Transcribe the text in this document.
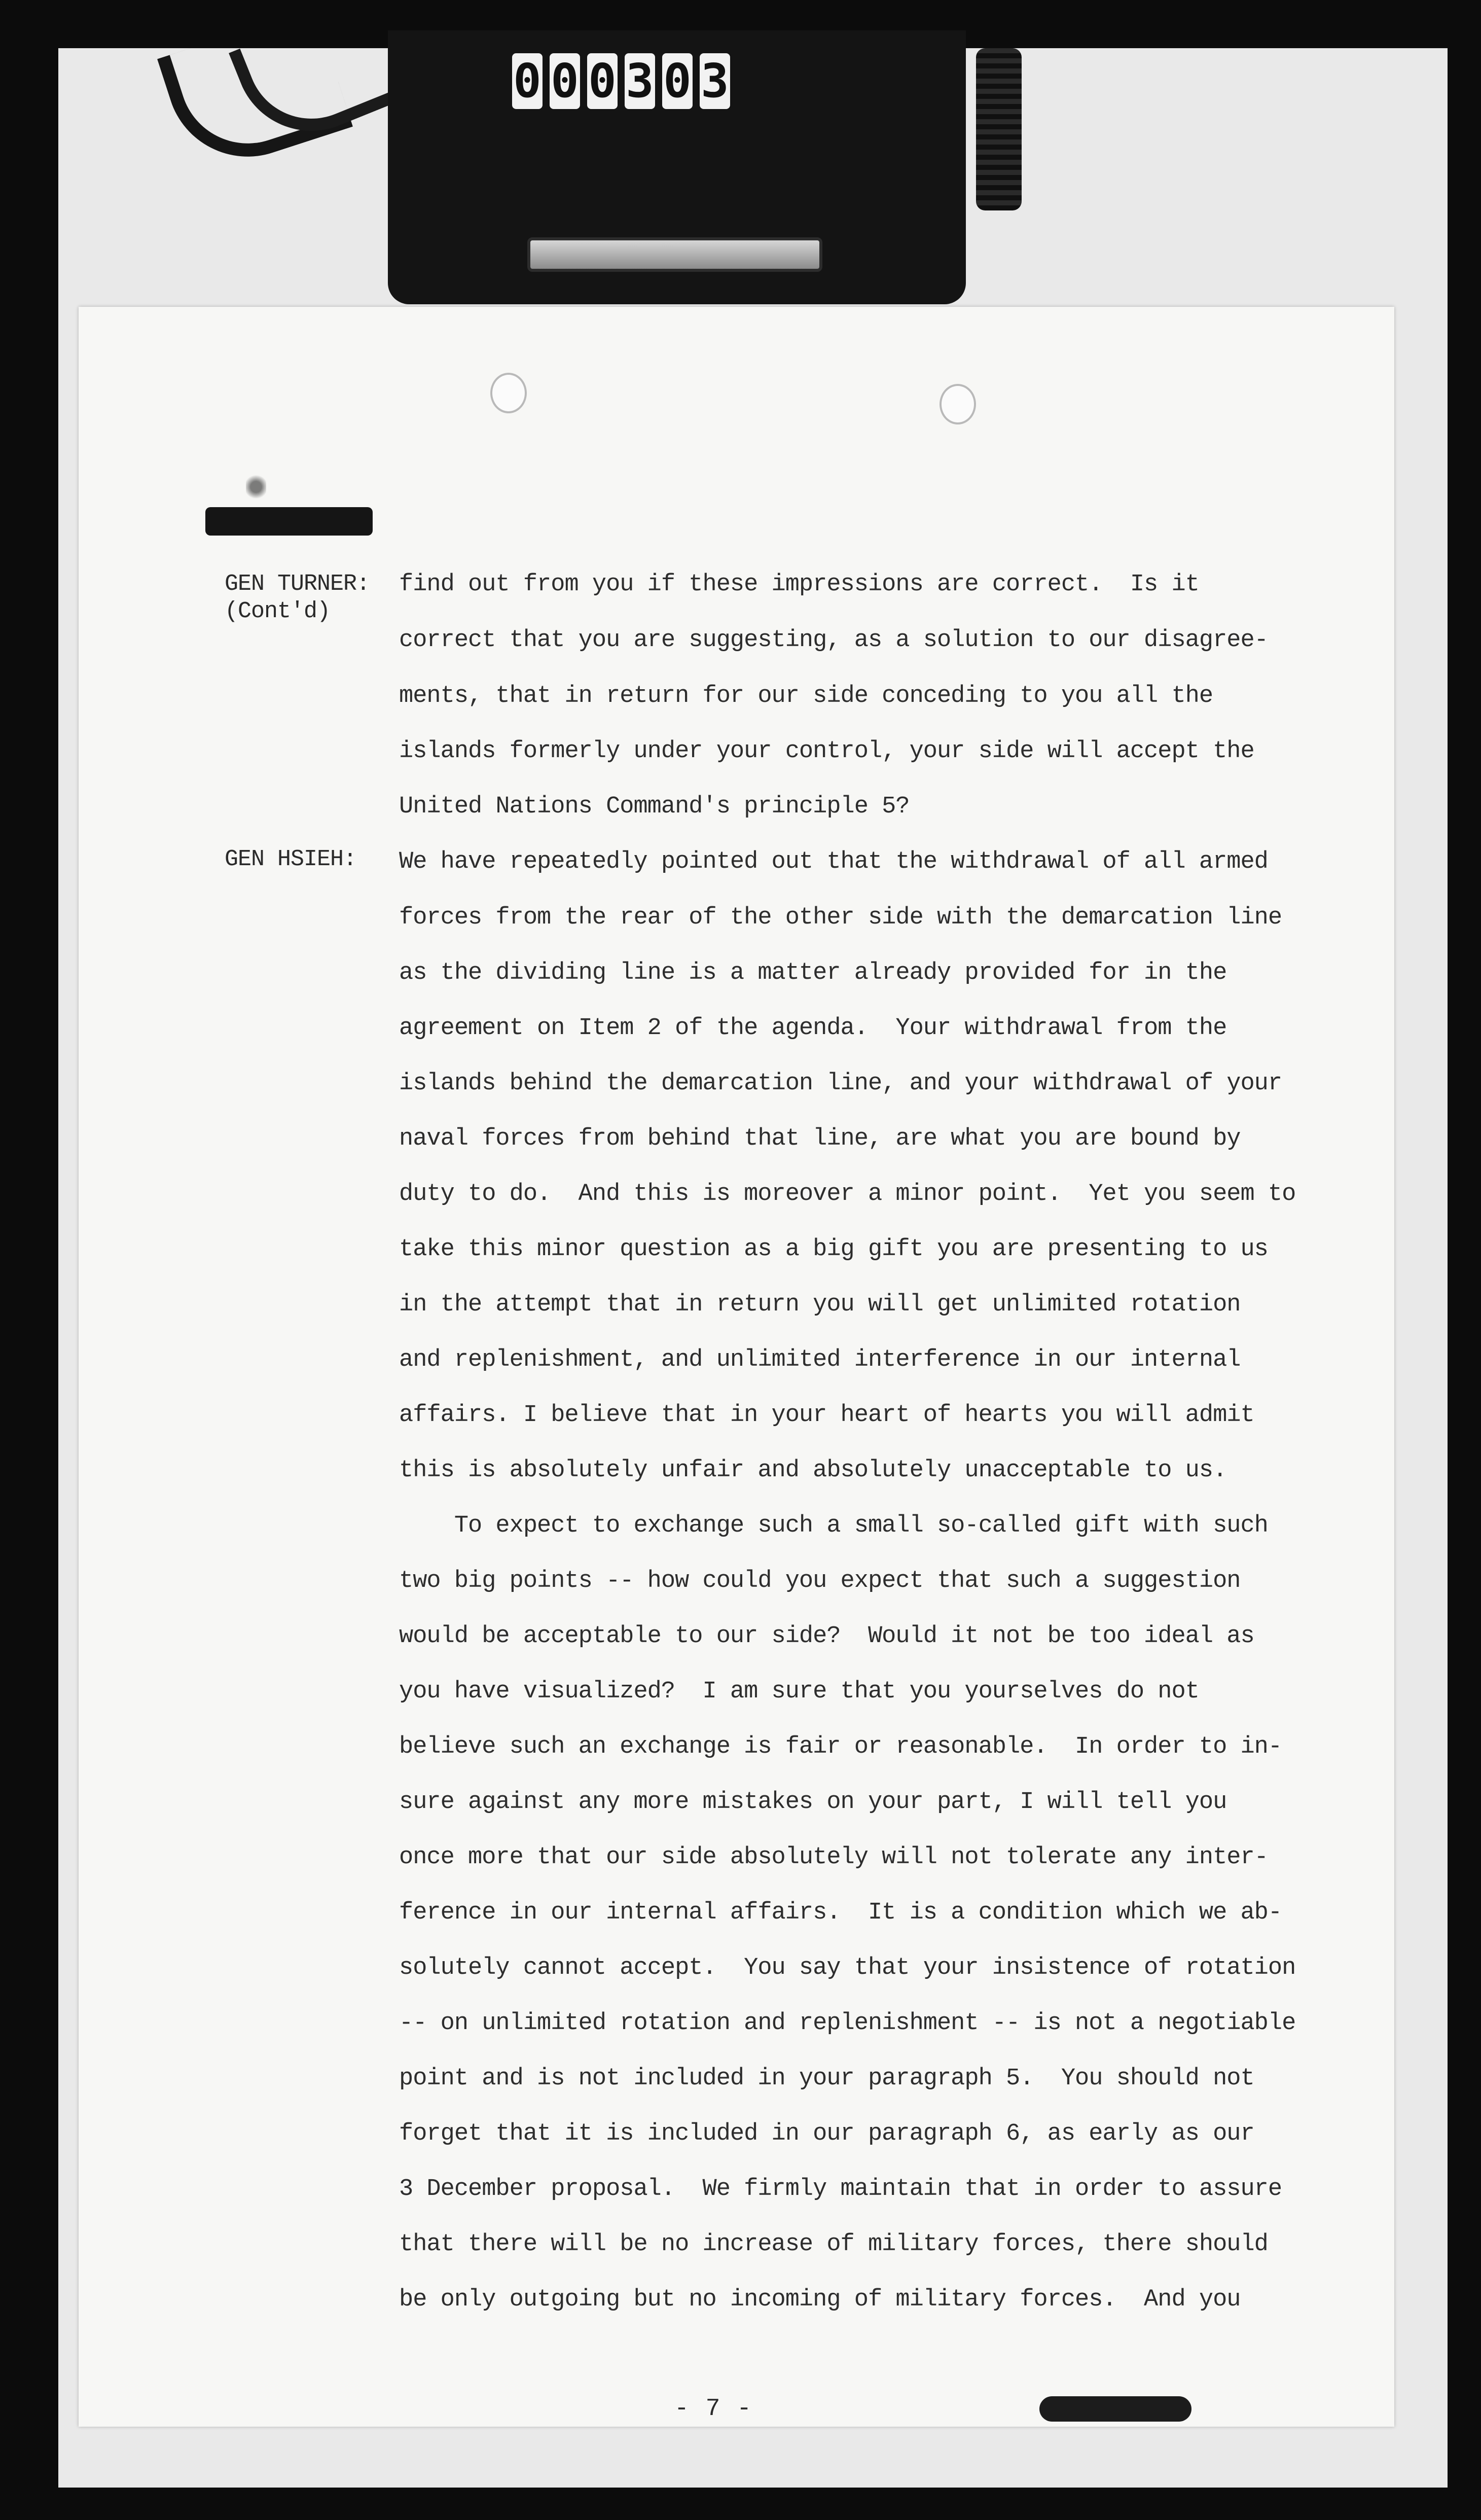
0 0 0 3 0 3
GEN TURNER:
(Cont'd)
GEN HSIEH:
find out from you if these impressions are correct.  Is it
correct that you are suggesting, as a solution to our disagree-
ments, that in return for our side conceding to you all the
islands formerly under your control, your side will accept the
United Nations Command's principle 5?
We have repeatedly pointed out that the withdrawal of all armed
forces from the rear of the other side with the demarcation line
as the dividing line is a matter already provided for in the
agreement on Item 2 of the agenda.  Your withdrawal from the
islands behind the demarcation line, and your withdrawal of your
naval forces from behind that line, are what you are bound by
duty to do.  And this is moreover a minor point.  Yet you seem to
take this minor question as a big gift you are presenting to us
in the attempt that in return you will get unlimited rotation
and replenishment, and unlimited interference in our internal
affairs. I believe that in your heart of hearts you will admit
this is absolutely unfair and absolutely unacceptable to us.
To expect to exchange such a small so-called gift with such
two big points -- how could you expect that such a suggestion
would be acceptable to our side?  Would it not be too ideal as
you have visualized?  I am sure that you yourselves do not
believe such an exchange is fair or reasonable.  In order to in-
sure against any more mistakes on your part, I will tell you
once more that our side absolutely will not tolerate any inter-
ference in our internal affairs.  It is a condition which we ab-
solutely cannot accept.  You say that your insistence of rotation
-- on unlimited rotation and replenishment -- is not a negotiable
point and is not included in your paragraph 5.  You should not
forget that it is included in our paragraph 6, as early as our
3 December proposal.  We firmly maintain that in order to assure
that there will be no increase of military forces, there should
be only outgoing but no incoming of military forces.  And you
- 7 -
